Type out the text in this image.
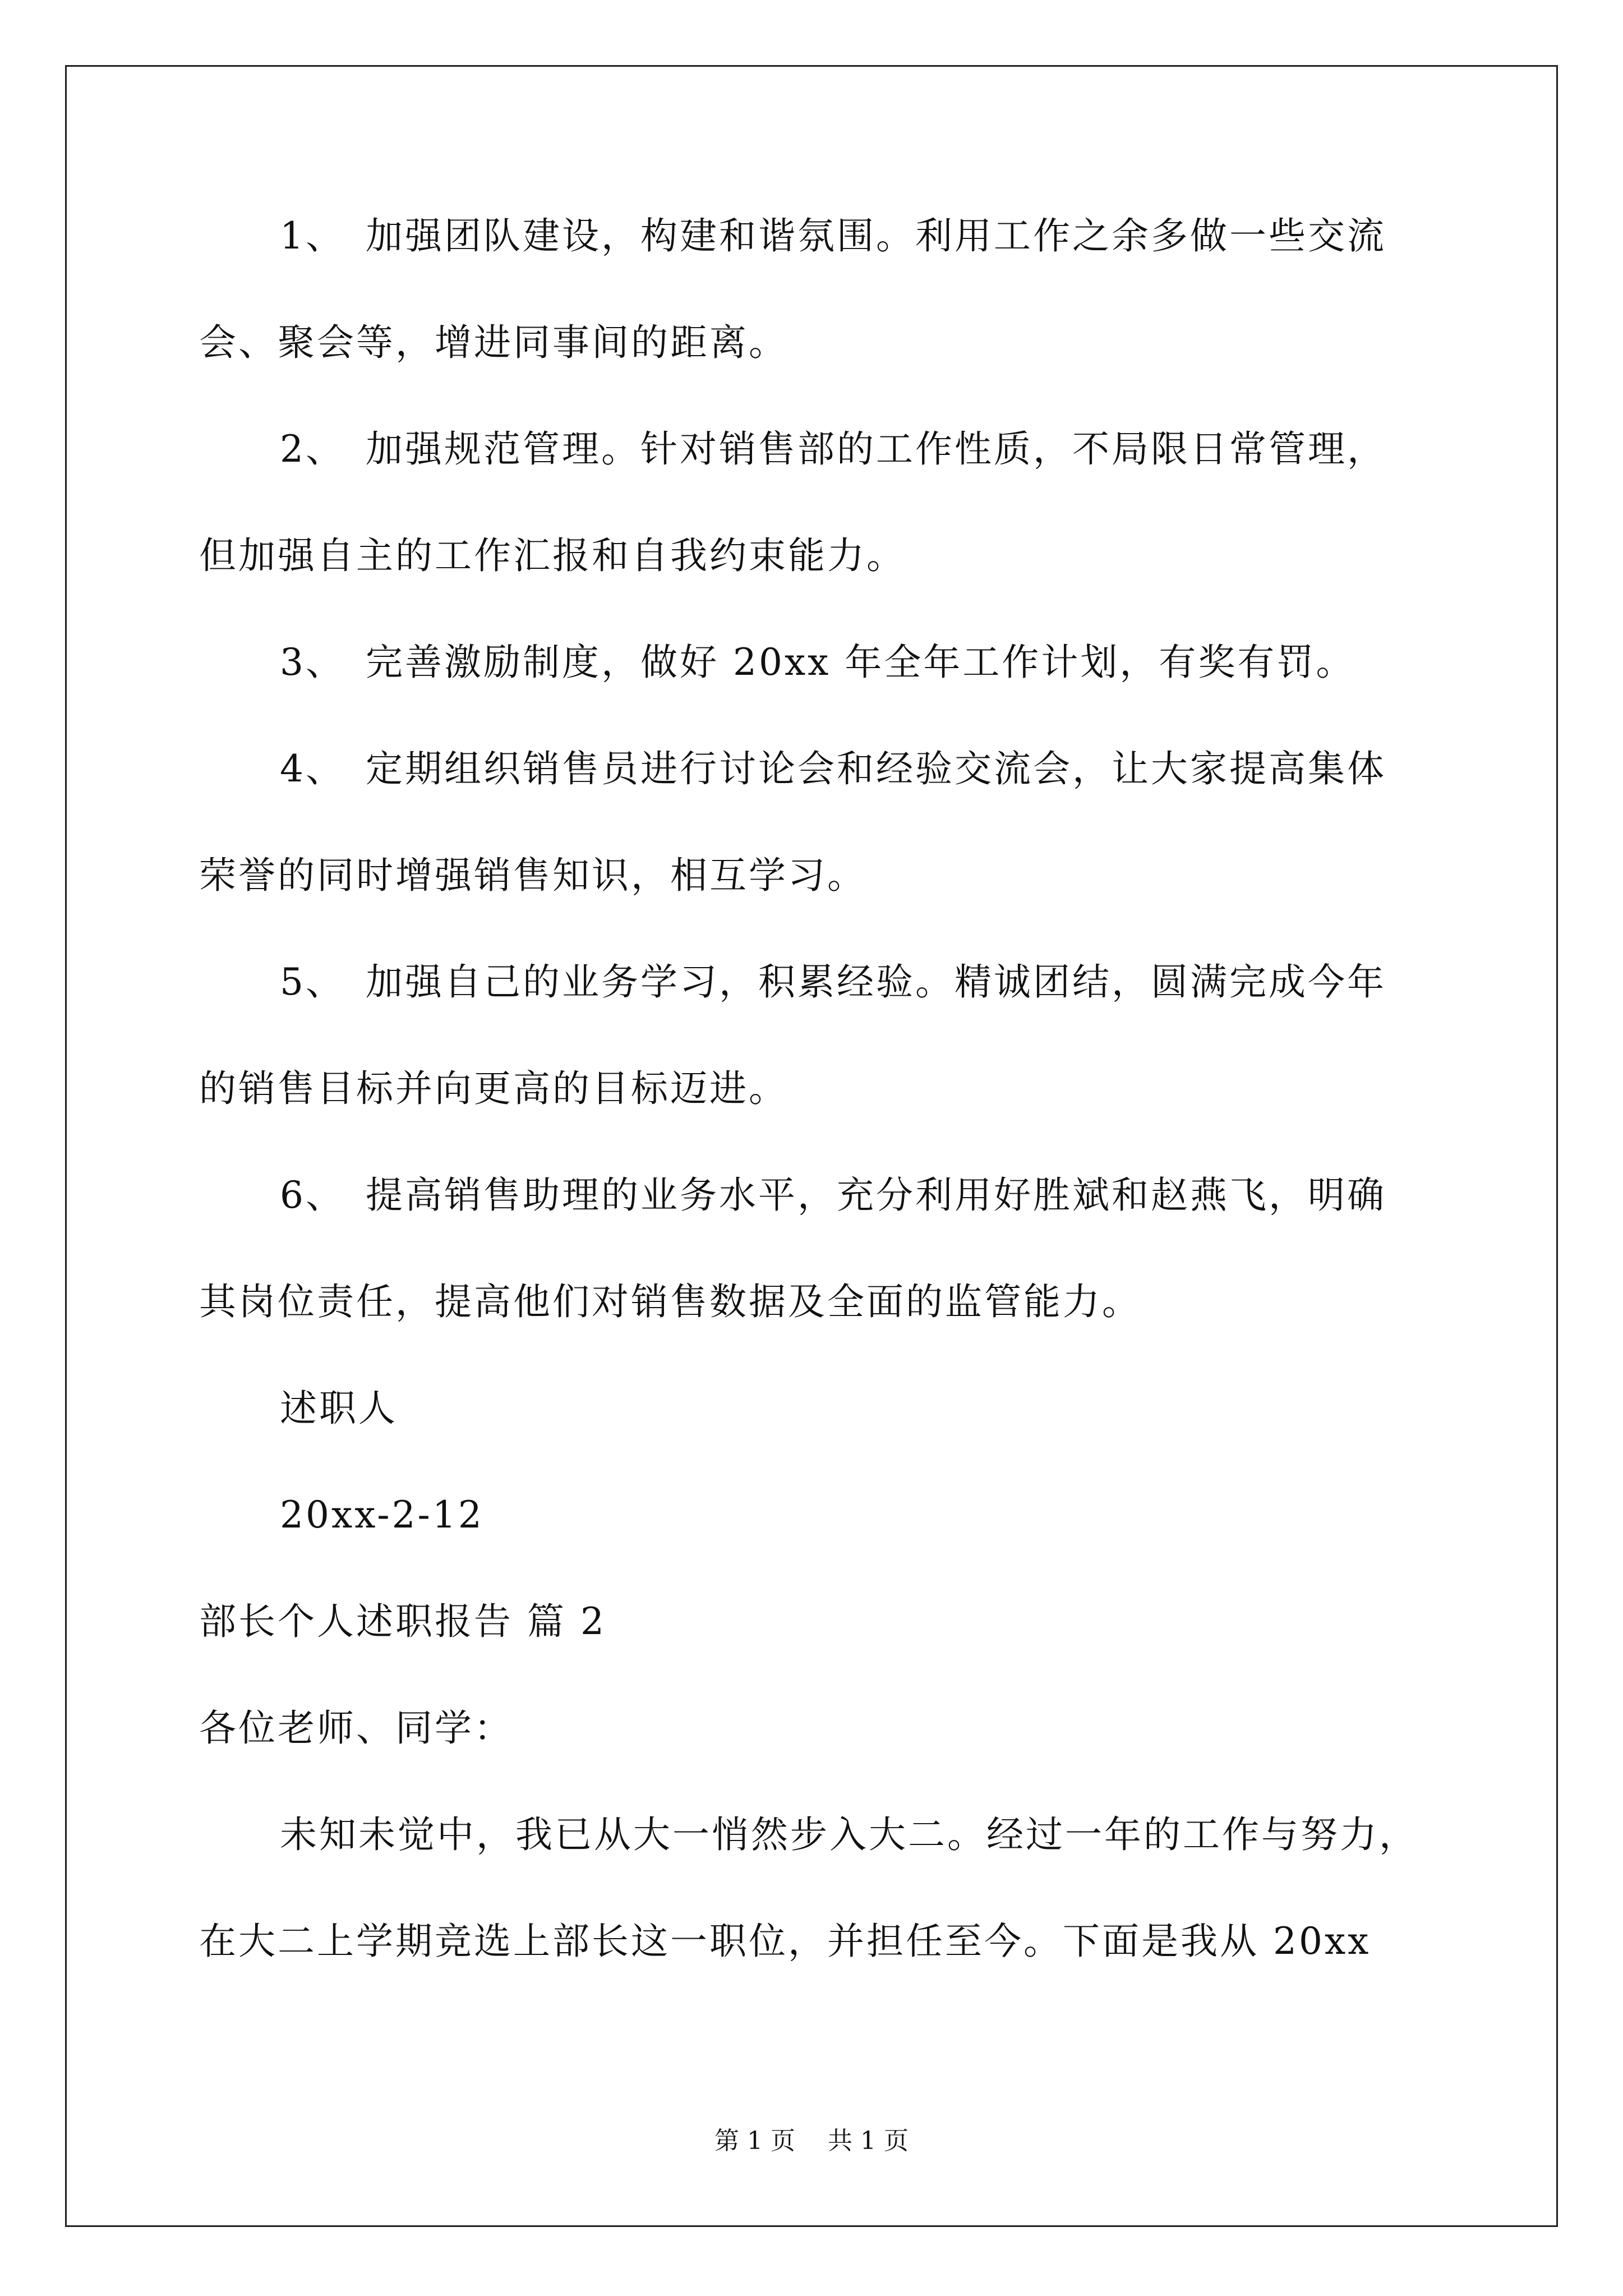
1、　加强团队建设，构建和谐氛围。利用工作之余多做一些交流
会、聚会等，增进同事间的距离。
2、　加强规范管理。针对销售部的工作性质，不局限日常管理，
但加强自主的工作汇报和自我约束能力。
3、　完善激励制度，做好 20xx 年全年工作计划，有奖有罚。
4、　定期组织销售员进行讨论会和经验交流会，让大家提高集体
荣誉的同时增强销售知识，相互学习。
5、　加强自己的业务学习，积累经验。精诚团结，圆满完成今年
的销售目标并向更高的目标迈进。
6、　提高销售助理的业务水平，充分利用好胜斌和赵燕飞，明确
其岗位责任，提高他们对销售数据及全面的监管能力。
述职人
20xx-2-12
部长个人述职报告 篇 2
各位老师、同学：
未知未觉中，我已从大一悄然步入大二。经过一年的工作与努力，
在大二上学期竞选上部长这一职位，并担任至今。下面是我从 20xx
第 1 页　 共 1 页
